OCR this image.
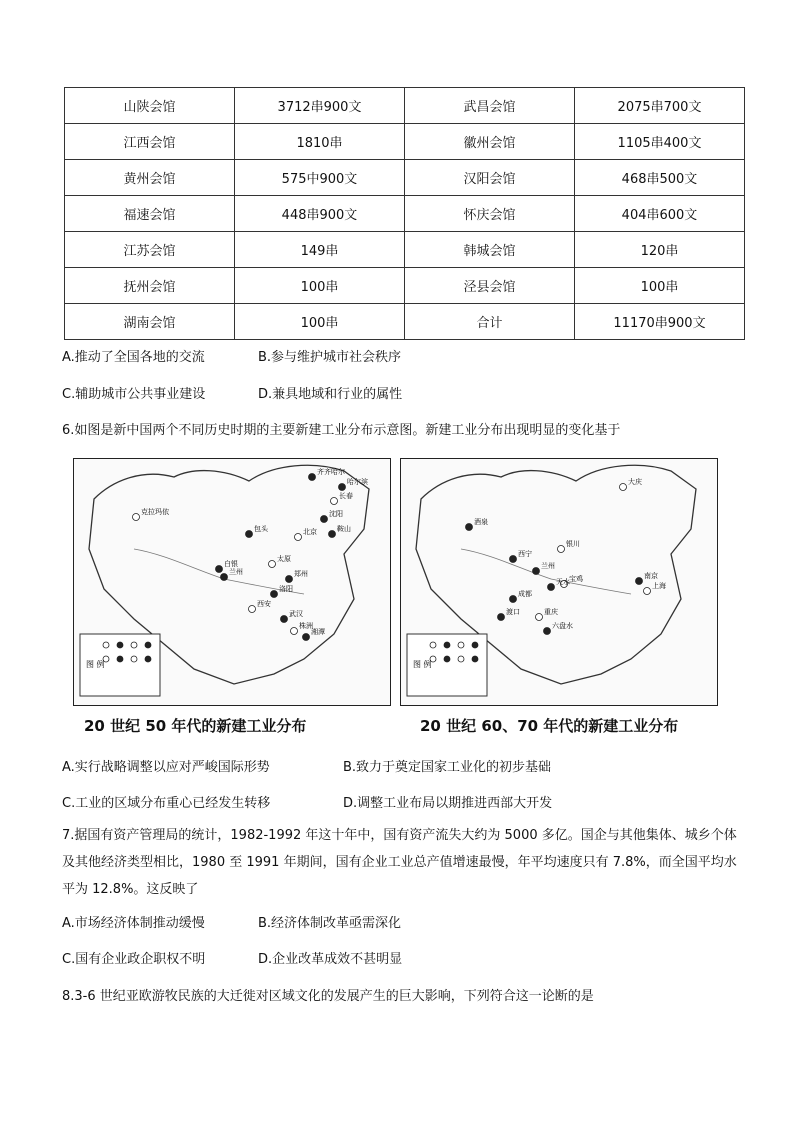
山陕会馆	3712串900文	武昌会馆	2075串700文
江西会馆	1810串	徽州会馆	1105串400文
黄州会馆	575中900文	汉阳会馆	468串500文
福速会馆	448串900文	怀庆会馆	404串600文
江苏会馆	149串	韩城会馆	120串
抚州会馆	100串	泾县会馆	100串
湖南会馆	100串	合计	11170串900文
A.推动了全国各地的交流	B.参与维护城市社会秩序
C.辅助城市公共事业建设	D.兼具地域和行业的属性
6.如图是新中国两个不同历史时期的主要新建工业分布示意图。新建工业分布出现明显的变化基于
克拉玛依
包头
兰州
西安
武汉
洛阳
太原
沈阳
鞍山
长春
哈尔滨
齐齐哈尔
北京
郑州
白银
株洲
湘潭
图 例
大庆
酒泉
西宁
银川
兰州
天水 宝鸡
渡口
成都
重庆
六盘水
南京
上海
图 例
20 世纪 50 年代的新建工业分布	20 世纪 60、70 年代的新建工业分布
A.实行战略调整以应对严峻国际形势	B.致力于奠定国家工业化的初步基础
C.工业的区域分布重心已经发生转移	D.调整工业布局以期推进西部大开发
7.据国有资产管理局的统计，1982-1992 年这十年中，国有资产流失大约为 5000 多亿。国企与其他集体、城乡个体及其他经济类型相比，1980 至 1991 年期间，国有企业工业总产值增速最慢，年平均速度只有 7.8%，而全国平均水平为 12.8%。这反映了
A.市场经济体制推动缓慢	B.经济体制改革亟需深化
C.国有企业政企职权不明	D.企业改革成效不甚明显
8.3-6 世纪亚欧游牧民族的大迁徙对区域文化的发展产生的巨大影响，下列符合这一论断的是
